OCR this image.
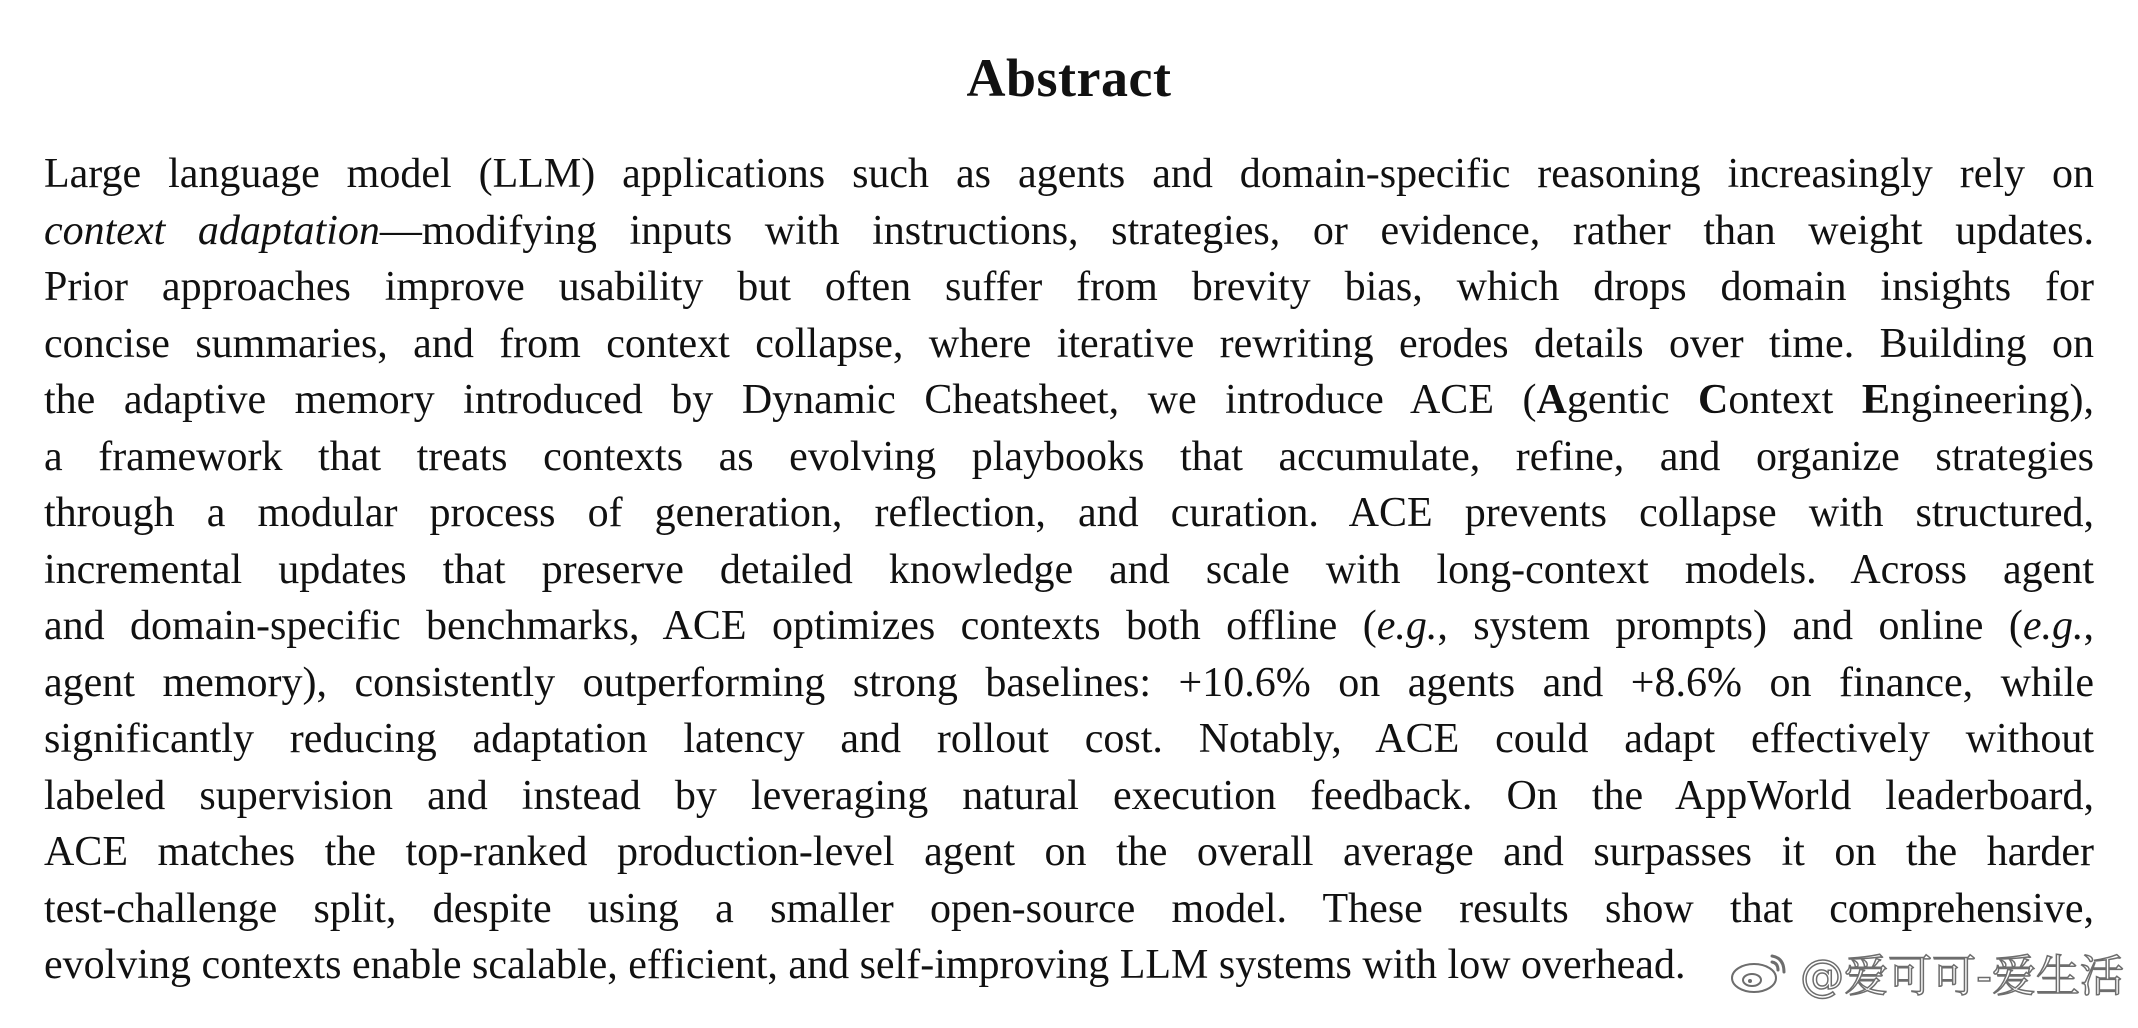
Abstract
Large language model (LLM) applications such as agents and domain-specific reasoning increasingly rely on
context adaptation—modifying inputs with instructions, strategies, or evidence, rather than weight updates.
Prior approaches improve usability but often suffer from brevity bias, which drops domain insights for
concise summaries, and from context collapse, where iterative rewriting erodes details over time. Building on
the adaptive memory introduced by Dynamic Cheatsheet, we introduce ACE (Agentic Context Engineering),
a framework that treats contexts as evolving playbooks that accumulate, refine, and organize strategies
through a modular process of generation, reflection, and curation. ACE prevents collapse with structured,
incremental updates that preserve detailed knowledge and scale with long-context models. Across agent
and domain-specific benchmarks, ACE optimizes contexts both offline (e.g., system prompts) and online (e.g.,
agent memory), consistently outperforming strong baselines: +10.6% on agents and +8.6% on finance, while
significantly reducing adaptation latency and rollout cost. Notably, ACE could adapt effectively without
labeled supervision and instead by leveraging natural execution feedback. On the AppWorld leaderboard,
ACE matches the top-ranked production-level agent on the overall average and surpasses it on the harder
test-challenge split, despite using a smaller open-source model. These results show that comprehensive,
evolving contexts enable scalable, efficient, and self-improving LLM systems with low overhead.	@爱可可-爱生活
